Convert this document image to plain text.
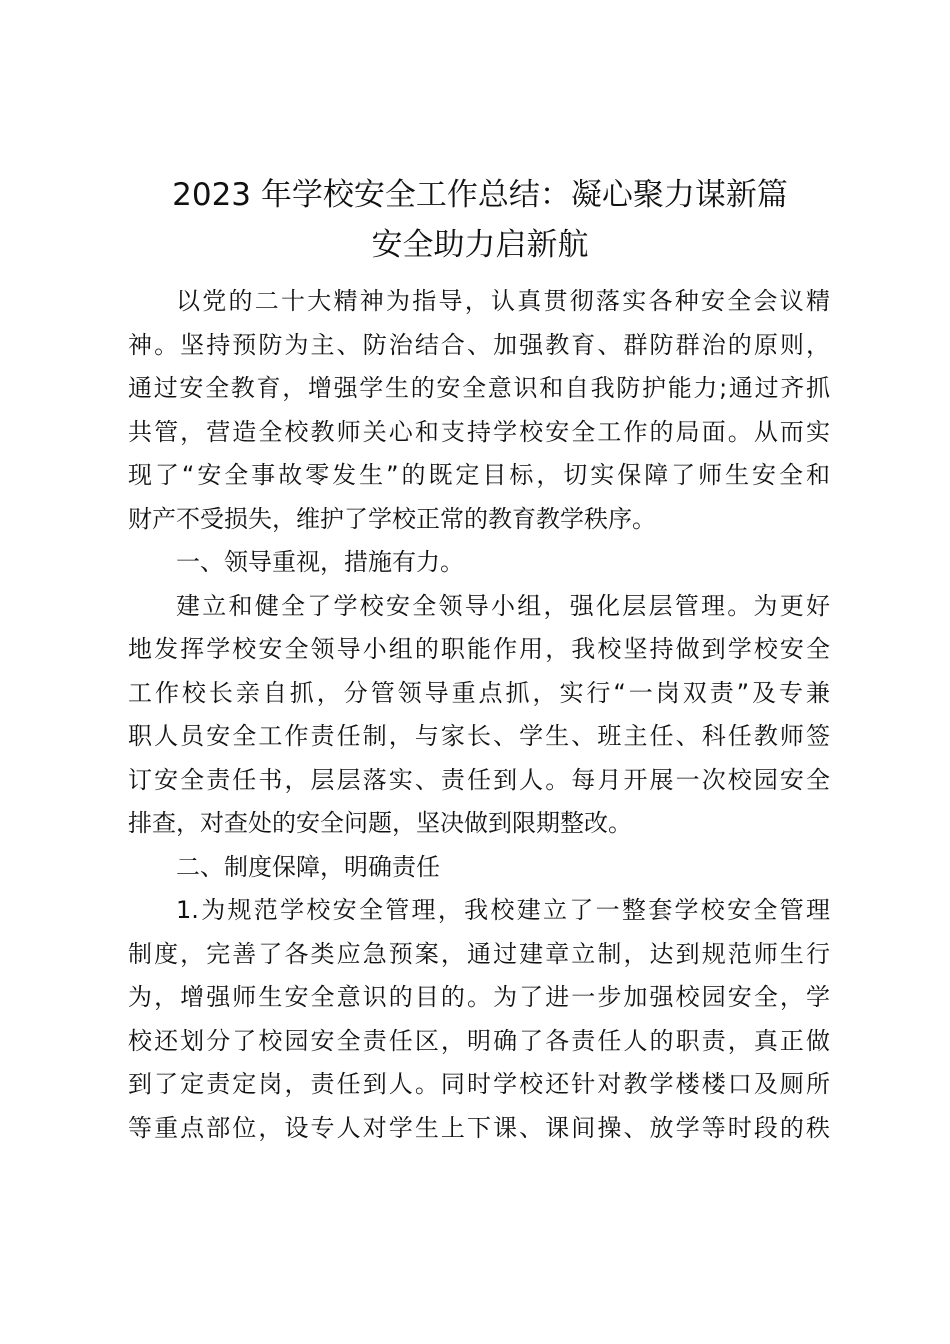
2023 年学校安全工作总结：凝心聚力谋新篇
安全助力启新航
以党的二十大精神为指导，认真贯彻落实各种安全会议精
神。坚持预防为主、防治结合、加强教育、群防群治的原则，
通过安全教育，增强学生的安全意识和自我防护能力;通过齐抓
共管，营造全校教师关心和支持学校安全工作的局面。从而实
现了“安全事故零发生”的既定目标，切实保障了师生安全和
财产不受损失，维护了学校正常的教育教学秩序。
一、领导重视，措施有力。
建立和健全了学校安全领导小组，强化层层管理。为更好
地发挥学校安全领导小组的职能作用，我校坚持做到学校安全
工作校长亲自抓，分管领导重点抓，实行“一岗双责”及专兼
职人员安全工作责任制，与家长、学生、班主任、科任教师签
订安全责任书，层层落实、责任到人。每月开展一次校园安全
排查，对查处的安全问题，坚决做到限期整改。
二、制度保障，明确责任
1.为规范学校安全管理，我校建立了一整套学校安全管理
制度，完善了各类应急预案，通过建章立制，达到规范师生行
为，增强师生安全意识的目的。为了进一步加强校园安全，学
校还划分了校园安全责任区，明确了各责任人的职责，真正做
到了定责定岗，责任到人。同时学校还针对教学楼楼口及厕所
等重点部位，设专人对学生上下课、课间操、放学等时段的秩
